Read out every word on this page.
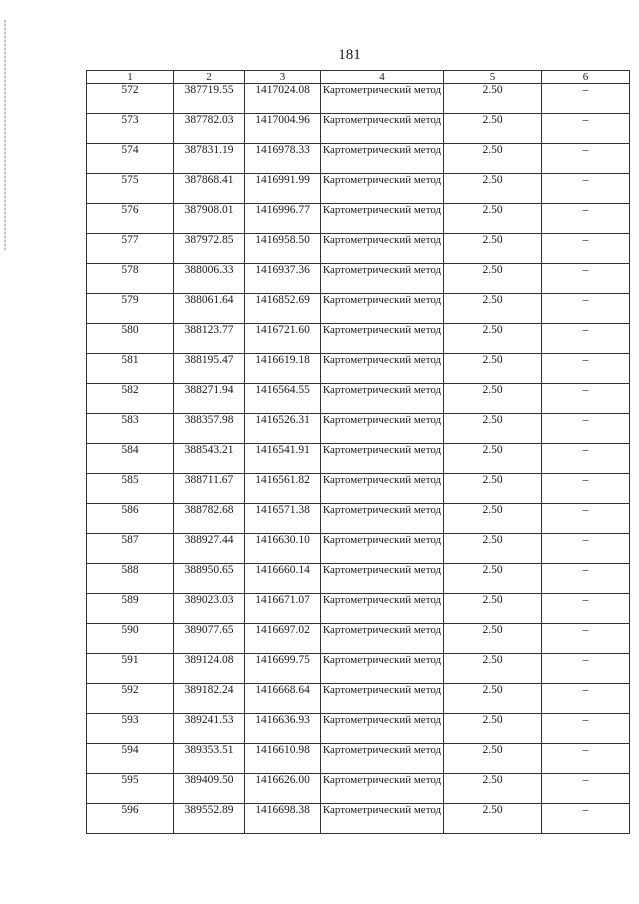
181
1	2	3	4	5	6
572	387719.55	1417024.08	Картометрический метод	2.50	–
573	387782.03	1417004.96	Картометрический метод	2.50	–
574	387831.19	1416978.33	Картометрический метод	2.50	–
575	387868.41	1416991.99	Картометрический метод	2.50	–
576	387908.01	1416996.77	Картометрический метод	2.50	–
577	387972.85	1416958.50	Картометрический метод	2.50	–
578	388006.33	1416937.36	Картометрический метод	2.50	–
579	388061.64	1416852.69	Картометрический метод	2.50	–
580	388123.77	1416721.60	Картометрический метод	2.50	–
581	388195.47	1416619.18	Картометрический метод	2.50	–
582	388271.94	1416564.55	Картометрический метод	2.50	–
583	388357.98	1416526.31	Картометрический метод	2.50	–
584	388543.21	1416541.91	Картометрический метод	2.50	–
585	388711.67	1416561.82	Картометрический метод	2.50	–
586	388782.68	1416571.38	Картометрический метод	2.50	–
587	388927.44	1416630.10	Картометрический метод	2.50	–
588	388950.65	1416660.14	Картометрический метод	2.50	–
589	389023.03	1416671.07	Картометрический метод	2.50	–
590	389077.65	1416697.02	Картометрический метод	2.50	–
591	389124.08	1416699.75	Картометрический метод	2.50	–
592	389182.24	1416668.64	Картометрический метод	2.50	–
593	389241.53	1416636.93	Картометрический метод	2.50	–
594	389353.51	1416610.98	Картометрический метод	2.50	–
595	389409.50	1416626.00	Картометрический метод	2.50	–
596	389552.89	1416698.38	Картометрический метод	2.50	–
